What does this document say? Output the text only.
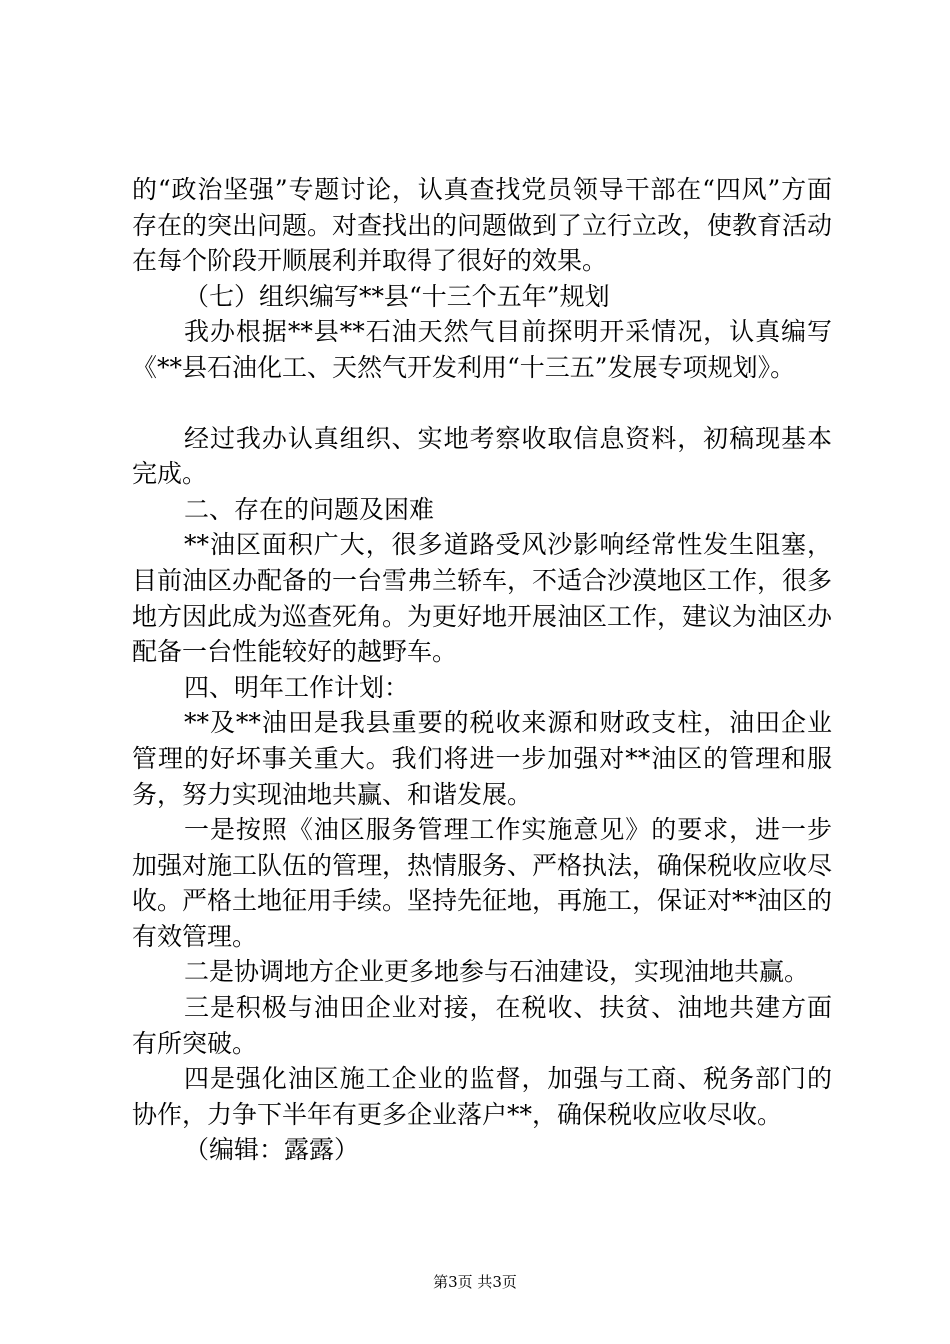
的“政治坚强”专题讨论，认真查找党员领导干部在“四风”方面存在的突出问题。对查找出的问题做到了立行立改，使教育活动在每个阶段开顺展利并取得了很好的效果。

（七）组织编写**县“十三个五年”规划

我办根据**县**石油天然气目前探明开采情况，认真编写《**县石油化工、天然气开发利用“十三五”发展专项规划》。

经过我办认真组织、实地考察收取信息资料，初稿现基本完成。

二、存在的问题及困难

**油区面积广大，很多道路受风沙影响经常性发生阻塞，目前油区办配备的一台雪弗兰轿车，不适合沙漠地区工作，很多地方因此成为巡查死角。为更好地开展油区工作，建议为油区办配备一台性能较好的越野车。

四、明年工作计划：

**及**油田是我县重要的税收来源和财政支柱，油田企业管理的好坏事关重大。我们将进一步加强对**油区的管理和服务，努力实现油地共赢、和谐发展。

一是按照《油区服务管理工作实施意见》的要求，进一步加强对施工队伍的管理，热情服务、严格执法，确保税收应收尽收。严格土地征用手续。坚持先征地，再施工，保证对**油区的有效管理。

二是协调地方企业更多地参与石油建设，实现油地共赢。

三是积极与油田企业对接，在税收、扶贫、油地共建方面有所突破。

四是强化油区施工企业的监督，加强与工商、税务部门的协作，力争下半年有更多企业落户**，确保税收应收尽收。

（编辑：露露）

第3页 共3页
